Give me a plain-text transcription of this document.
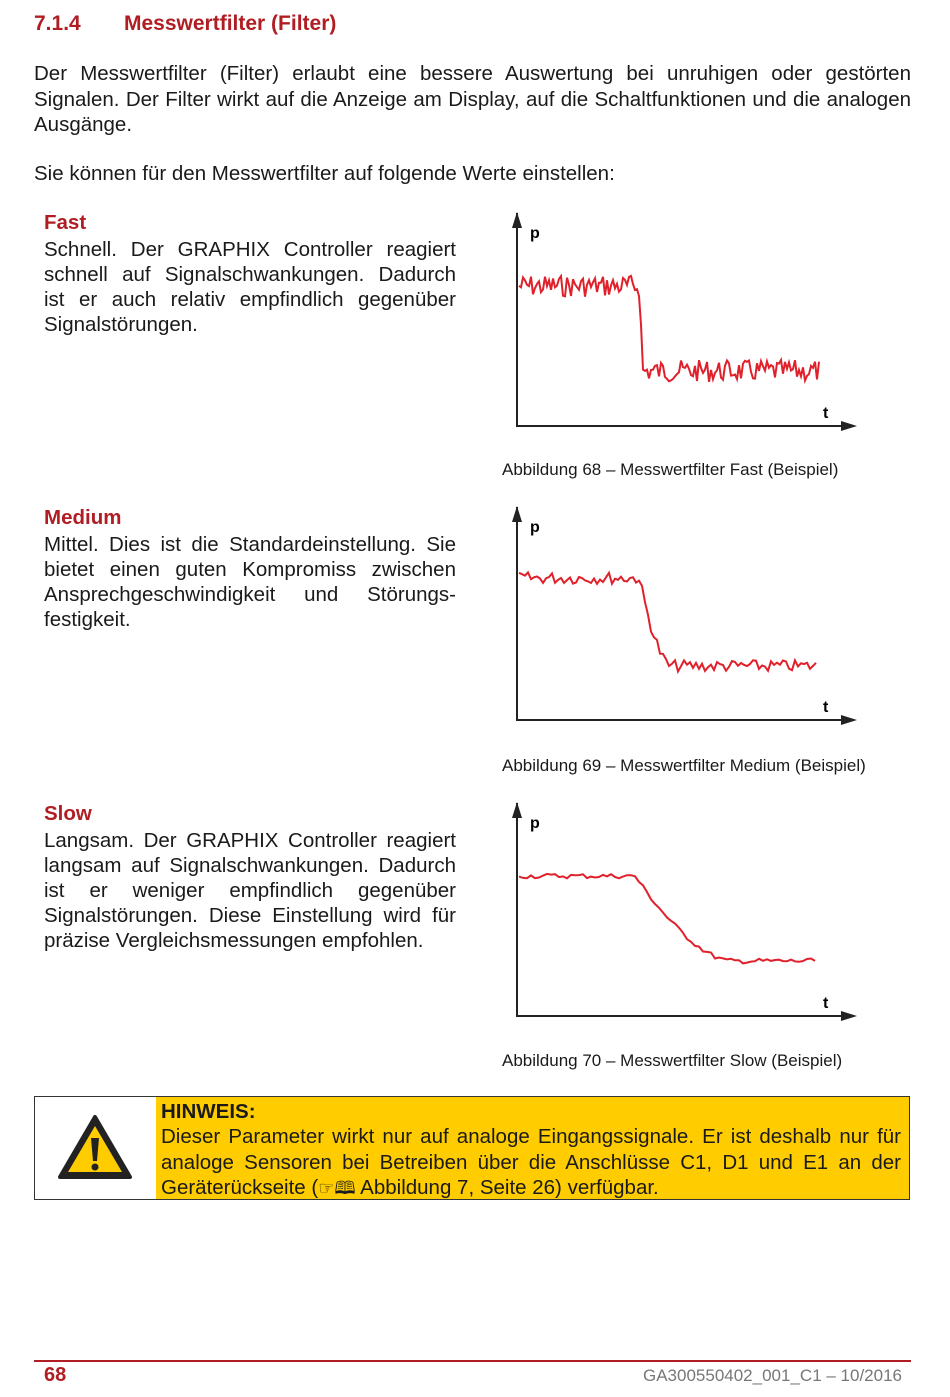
7.1.4 Messwertfilter (Filter)

Der Messwertfilter (Filter) erlaubt eine bessere Auswertung bei unruhigen oder gestörten Signalen. Der Filter wirkt auf die Anzeige am Display, auf die Schaltfunktionen und die analogen Ausgänge.

Sie können für den Messwertfilter auf folgende Werte einstellen:

Fast

Schnell. Der GRAPHIX Controller reagiert schnell auf Signalschwankungen. Dadurch ist er auch relativ empfindlich gegenüber Signalstörungen.

p
t
Abbildung 68 – Messwertfilter Fast (Beispiel)
Medium

Mittel. Dies ist die Standardeinstellung. Sie bietet einen guten Kompromiss zwischen Ansprechgeschwindigkeit und Störungs-festigkeit.

p
t
Abbildung 69 – Messwertfilter Medium (Beispiel)
Slow

Langsam. Der GRAPHIX Controller reagiert langsam auf Signalschwankungen. Dadurch ist er weniger empfindlich gegenüber Signalstörungen. Diese Einstellung wird für präzise Vergleichsmessungen empfohlen.

p
t
Abbildung 70 – Messwertfilter Slow (Beispiel)
HINWEIS:

Dieser Parameter wirkt nur auf analoge Eingangssignale. Er ist deshalb nur für analoge Sensoren bei Betreiben über die Anschlüsse C1, D1 und E1 an der Geräterückseite (☞🕮 Abbildung 7, Seite 26) verfügbar.

68	GA300550402_001_C1 – 10/2016
